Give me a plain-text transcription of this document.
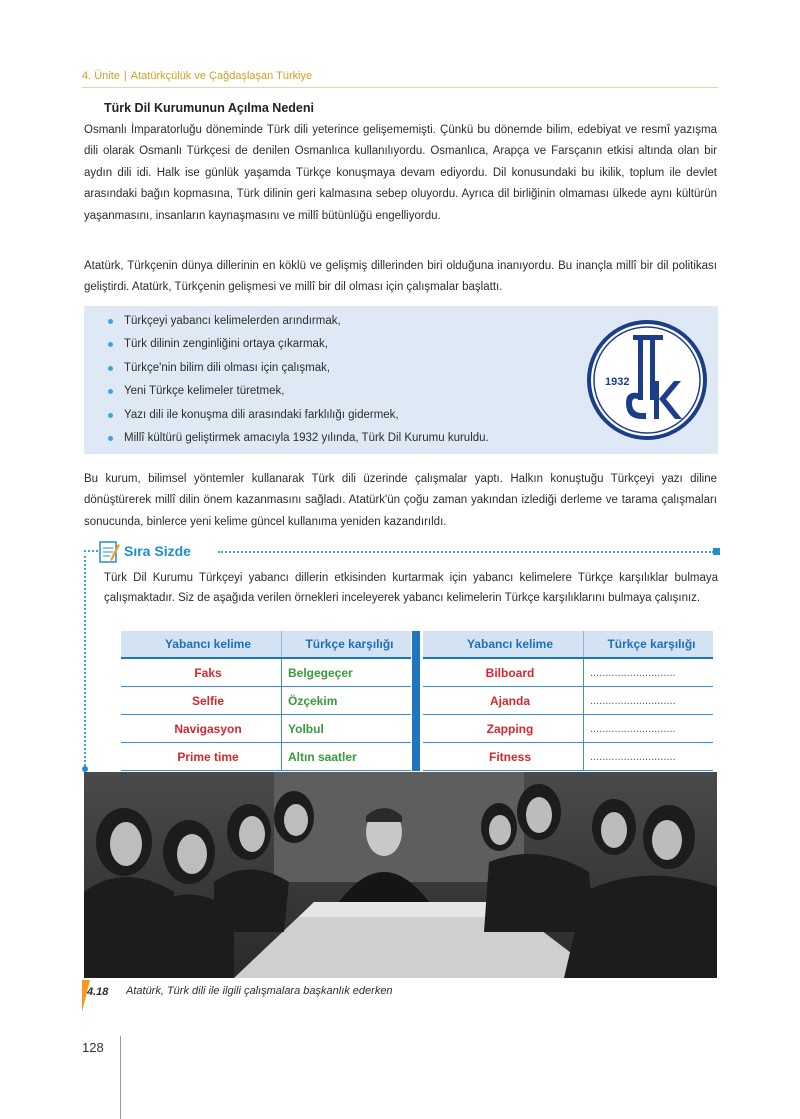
4. Ünite | Atatürkçülük ve Çağdaşlaşan Türkiye
Türk Dil Kurumunun Açılma Nedeni

Osmanlı İmparatorluğu döneminde Türk dili yeterince gelişememişti. Çünkü bu dönemde bilim, edebiyat ve resmî yazışma dili olarak Osmanlı Türkçesi de denilen Osmanlıca kullanılıyordu. Osmanlıca, Arapça ve Farsçanın etkisi altında olan bir aydın dili idi. Halk ise günlük yaşamda Türkçe konuşmaya devam ediyordu. Dil konusundaki bu ikilik, toplum ile devlet arasındaki bağın kopmasına, Türk dilinin geri kalmasına sebep oluyordu. Ayrıca dil birliğinin olmaması ülkede aynı kültürün yaşanmasını, insanların kaynaşmasını ve millî bütünlüğü engelliyordu.

Atatürk, Türkçenin dünya dillerinin en köklü ve gelişmiş dillerinden biri olduğuna inanıyordu. Bu inançla millî bir dil politikası geliştirdi. Atatürk, Türkçenin gelişmesi ve millî bir dil olması için çalışmalar başlattı.

Türkçeyi yabancı kelimelerden arındırmak,
Türk dilinin zenginliğini ortaya çıkarmak,
Türkçe'nin bilim dili olması için çalışmak,
Yeni Türkçe kelimeler türetmek,
Yazı dili ile konuşma dili arasındaki farklılığı gidermek,
Millî kültürü geliştirmek amacıyla 1932 yılında, Türk Dil Kurumu kuruldu.
1932

Bu kurum, bilimsel yöntemler kullanarak Türk dili üzerinde çalışmalar yaptı. Halkın konuştuğu Türkçeyi yazı diline dönüştürerek millî dilin önem kazanmasını sağladı. Atatürk'ün çoğu zaman yakından izlediği derleme ve tarama çalışmaları sonucunda, binlerce yeni kelime güncel kullanıma yeniden kazandırıldı.

Sıra Sizde

Türk Dil Kurumu Türkçeyi yabancı dillerin etkisinden kurtarmak için yabancı kelimelere Türkçe karşılıklar bulmaya çalışmaktadır. Siz de aşağıda verilen örnekleri inceleyerek yabancı kelimelerin Türkçe karşılıklarını bulmaya çalışınız.

Yabancı kelime	Türkçe karşılığı
Faks	Belgegeçer
Selfie	Özçekim
Navigasyon	Yolbul
Prime time	Altın saatler
Yabancı kelime	Türkçe karşılığı
Bilboard	............................
Ajanda	............................
Zapping	............................
Fitness	............................
4.18 Atatürk, Türk dili ile ilgili çalışmalara başkanlık ederken
128
